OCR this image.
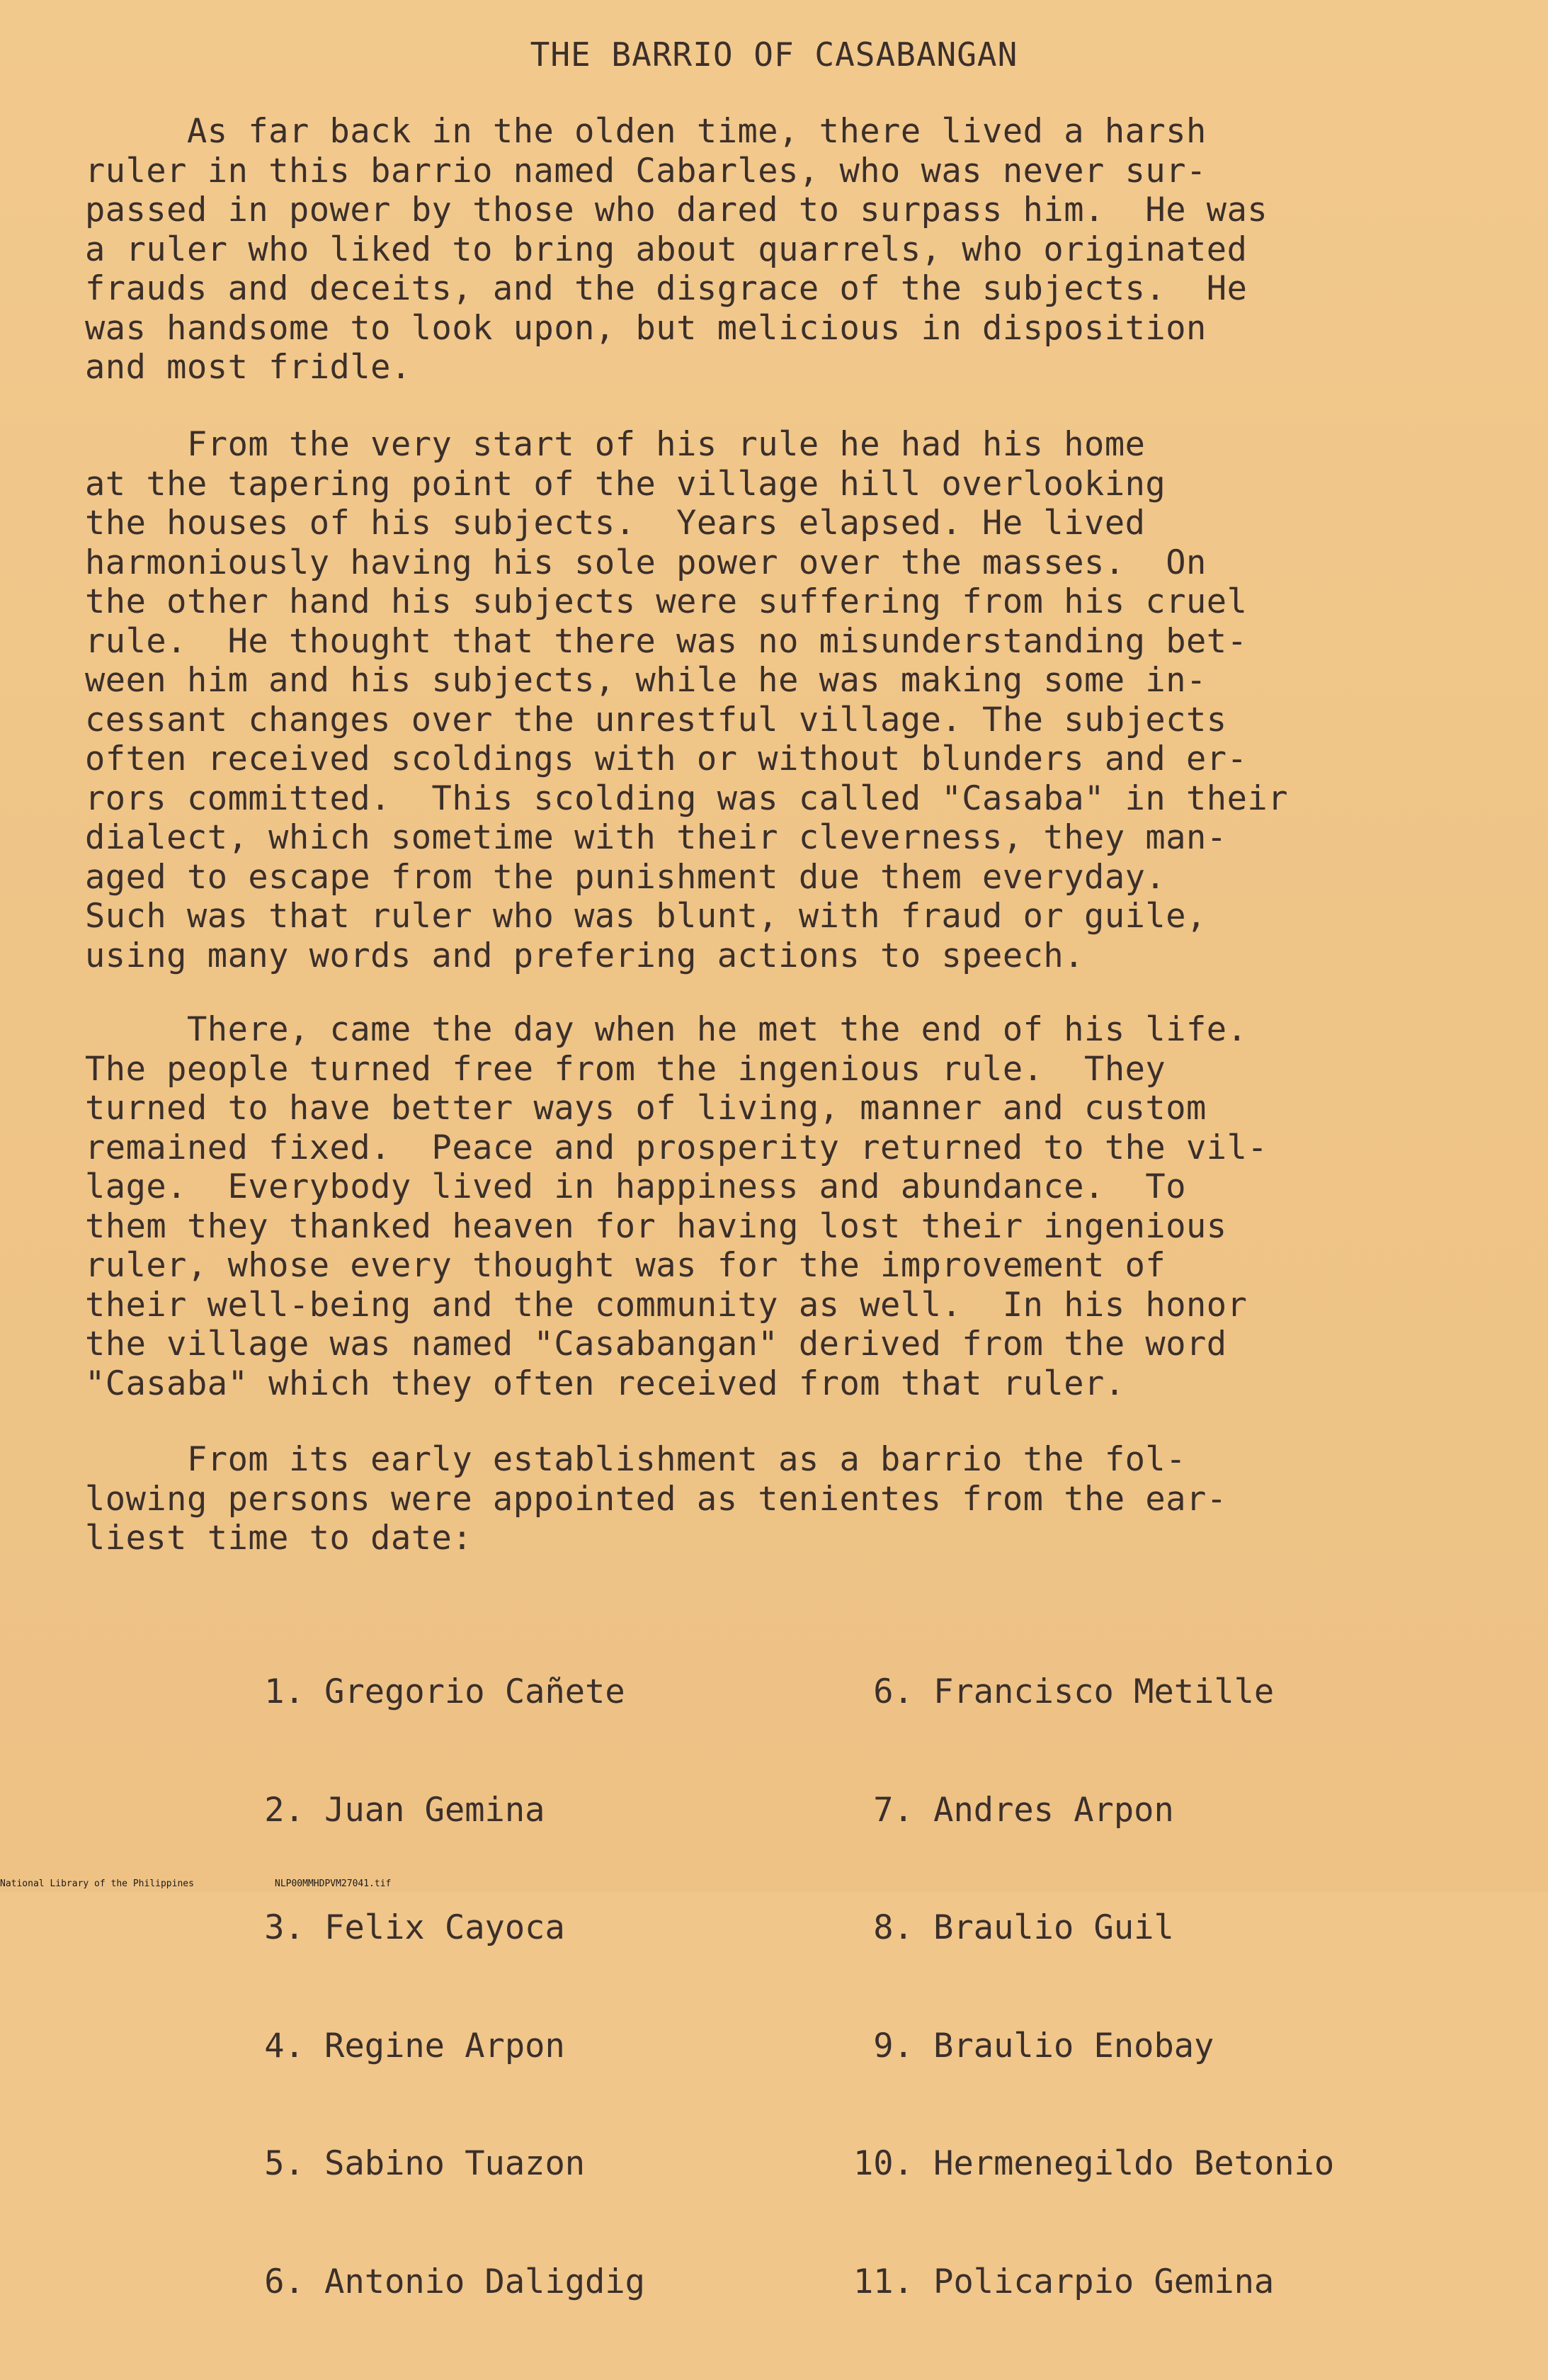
THE BARRIO OF CASABANGAN
As far back in the olden time, there lived a harsh
ruler in this barrio named Cabarles, who was never sur-
passed in power by those who dared to surpass him.  He was
a ruler who liked to bring about quarrels, who originated
frauds and deceits, and the disgrace of the subjects.  He
was handsome to look upon, but melicious in disposition
and most fridle.
From the very start of his rule he had his home
at the tapering point of the village hill overlooking
the houses of his subjects.  Years elapsed. He lived
harmoniously having his sole power over the masses.  On
the other hand his subjects were suffering from his cruel
rule.  He thought that there was no misunderstanding bet-
ween him and his subjects, while he was making some in-
cessant changes over the unrestful village. The subjects
often received scoldings with or without blunders and er-
rors committed.  This scolding was called "Casaba" in their
dialect, which sometime with their cleverness, they man-
aged to escape from the punishment due them everyday.
Such was that ruler who was blunt, with fraud or guile,
using many words and prefering actions to speech.
There, came the day when he met the end of his life.
The people turned free from the ingenious rule.  They
turned to have better ways of living, manner and custom
remained fixed.  Peace and prosperity returned to the vil-
lage.  Everybody lived in happiness and abundance.  To
them they thanked heaven for having lost their ingenious
ruler, whose every thought was for the improvement of
their well-being and the community as well.  In his honor
the village was named "Casabangan" derived from the word
"Casaba" which they often received from that ruler.
From its early establishment as a barrio the fol-
lowing persons were appointed as tenientes from the ear-
liest time to date:

1. Gregorio Cañete

2. Juan Gemina

3. Felix Cayoca

4. Regine Arpon

5. Sabino Tuazon

6. Antonio Daligdig

6. Francisco Metille

7. Andres Arpon

8. Braulio Guil

9. Braulio Enobay

10. Hermenegildo Betonio

11. Policarpio Gemina

National Library of the Philippines

	NLP00MMHDPVM27041.tif
